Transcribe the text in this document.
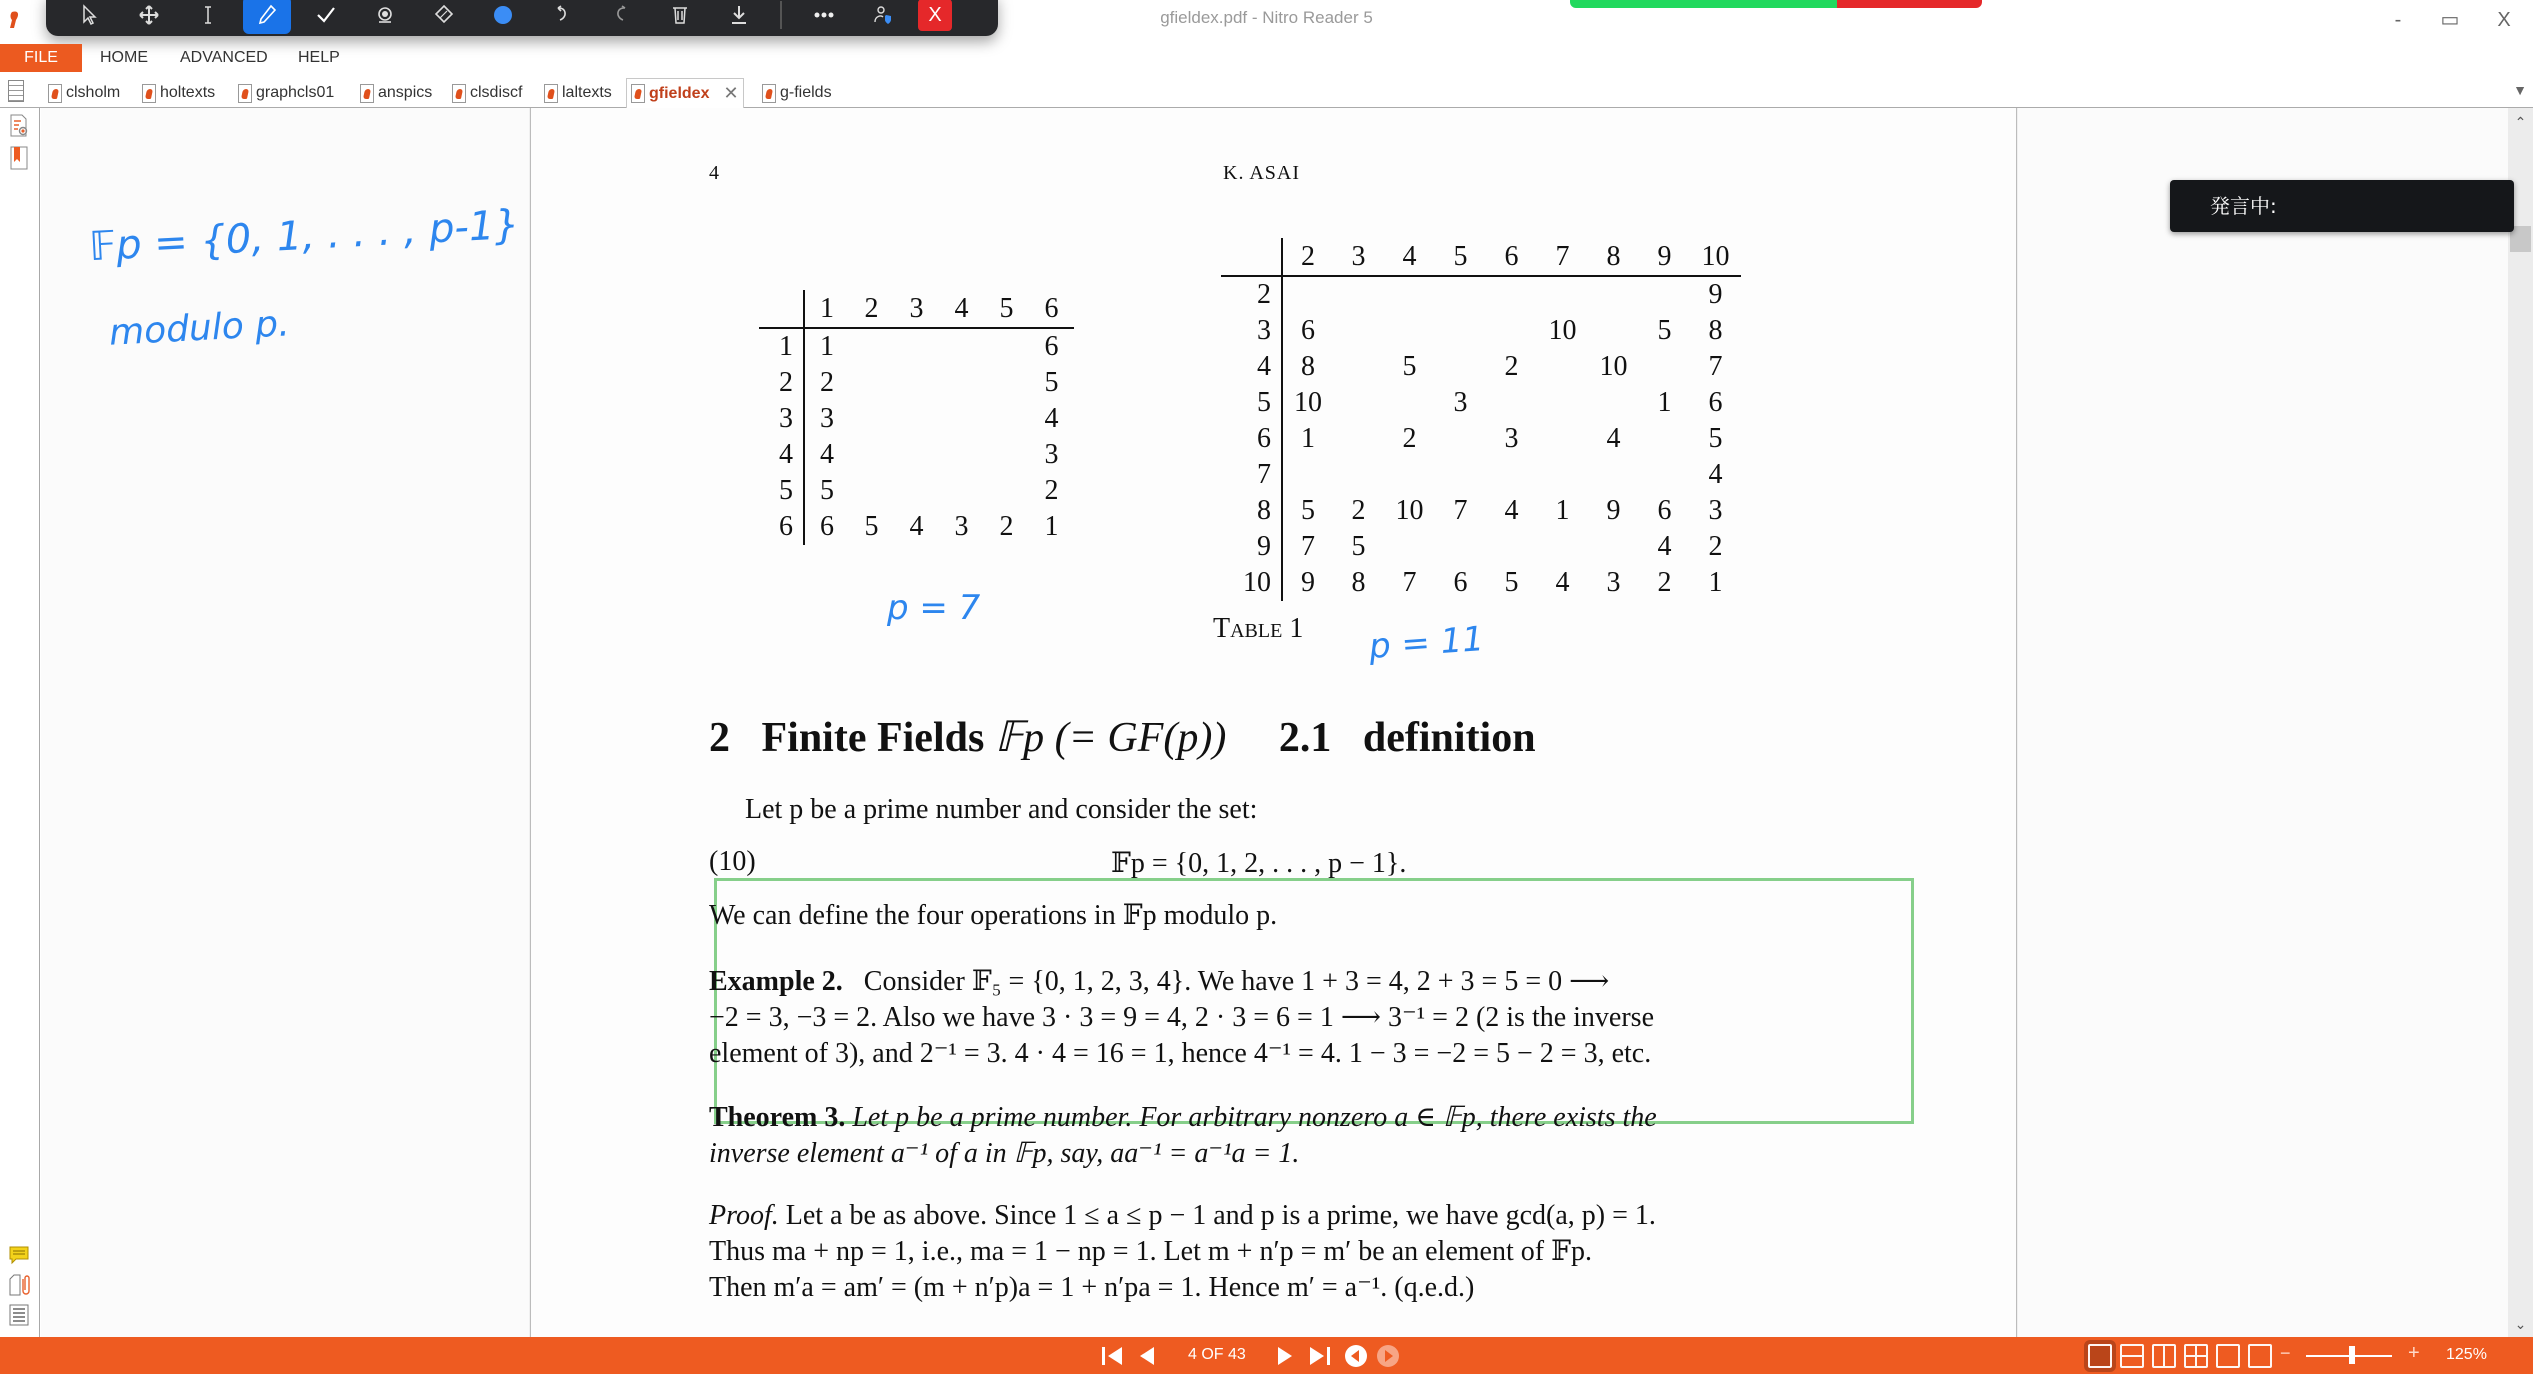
gfieldex.pdf - Nitro Reader 5	-	▭	X
X
FILE	HOME ADVANCED HELP
▼
clsholm holtexts	graphcls01	anspics clsdiscf laltexts gfieldex ✕	g-fields
𝔽p = {0, 1, . . . , p-1}
modulo p.
4	K. ASAI
	1	2	3	4	5	6
1	1					6
2	2					5
3	3					4
4	4					3
5	5					2
6	6	5	4	3	2	1
	2	3	4	5	6	7	8	9	10
2									9
3	6					10		5	8
4	8		5		2		10		7
5	10			3				1	6
6	1		2		3		4		5
7									4
8	5	2	10	7	4	1	9	6	3
9	7	5						4	2
10	9	8	7	6	5	4	3	2	1
Table 1
p = 7
p = 11
2 Finite Fields 𝔽p (= GF(p)) 2.1 definition
Let p be a prime number and consider the set:
(10)	𝔽p = {0, 1, 2, . . . , p − 1}.
We can define the four operations in 𝔽p modulo p.
Example 2. Consider 𝔽₅ = {0, 1, 2, 3, 4}. We have 1 + 3 = 4, 2 + 3 = 5 = 0 ⟶
−2 = 3, −3 = 2. Also we have 3 · 3 = 9 = 4, 2 · 3 = 6 = 1 ⟶ 3⁻¹ = 2 (2 is the inverse
element of 3), and 2⁻¹ = 3. 4 · 4 = 16 = 1, hence 4⁻¹ = 4. 1 − 3 = −2 = 5 − 2 = 3, etc.
Theorem 3. Let p be a prime number. For arbitrary nonzero a ∈ 𝔽p, there exists the
inverse element a⁻¹ of a in 𝔽p, say, aa⁻¹ = a⁻¹a = 1.
Proof. Let a be as above. Since 1 ≤ a ≤ p − 1 and p is a prime, we have gcd(a, p) = 1.
Thus ma + np = 1, i.e., ma = 1 − np = 1. Let m + n′p = m′ be an element of 𝔽p.
Then m′a = am′ = (m + n′p)a = 1 + n′pa = 1. Hence m′ = a⁻¹. (q.e.d.)
⌃
⌄
発言中:
4 OF 43	−	+ 125%
